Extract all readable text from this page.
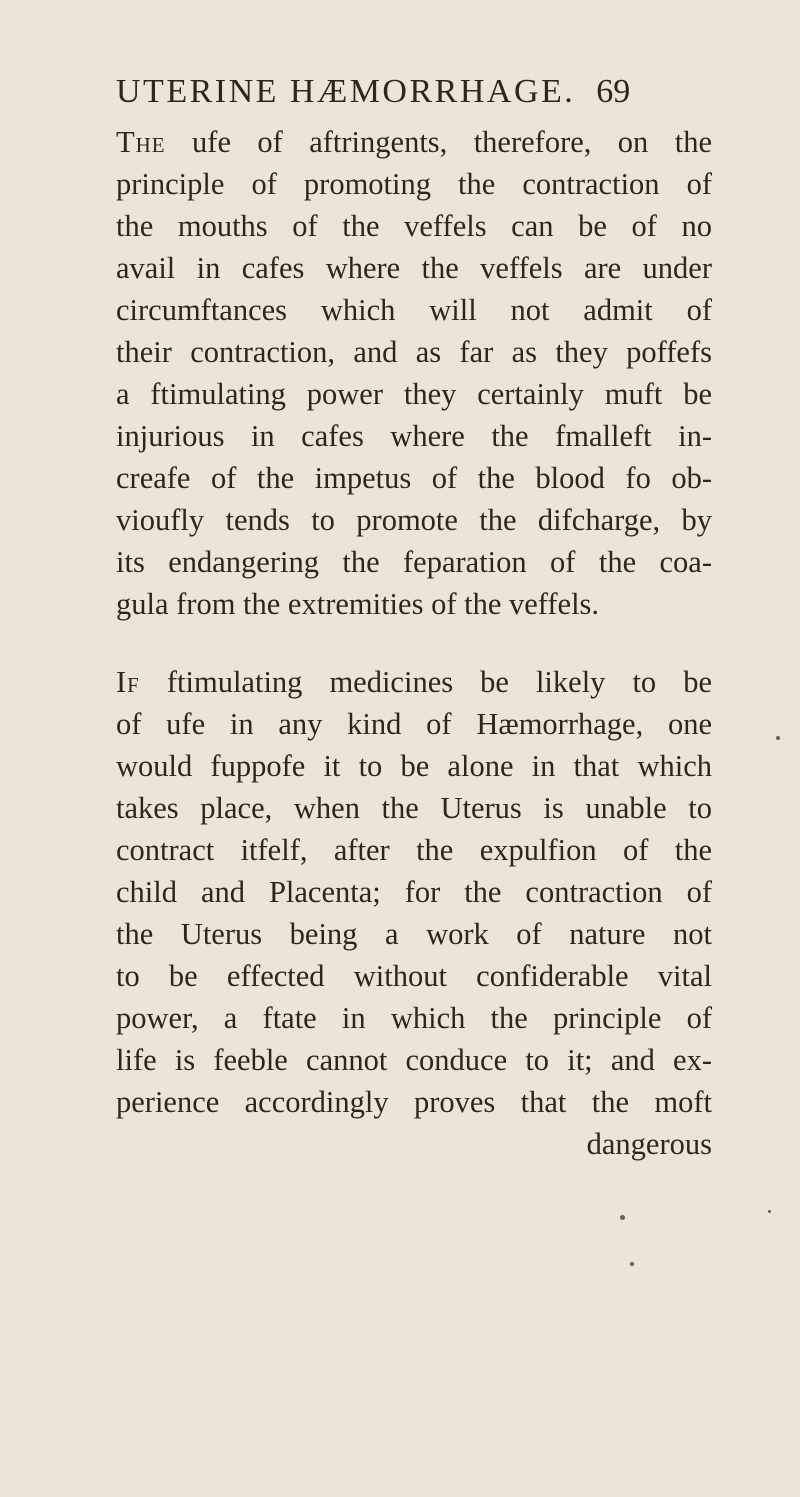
UTERINE HÆMORRHAGE. 69
The ufe of aftringents, therefore, on the
principle of promoting the contraction of
the mouths of the veffels can be of no
avail in cafes where the veffels are under
circumftances which will not admit of
their contraction, and as far as they poffefs
a ftimulating power they certainly muft be
injurious in cafes where the fmalleft in-
creafe of the impetus of the blood fo ob-
vioufly tends to promote the difcharge, by
its endangering the feparation of the coa-
gula from the extremities of the veffels.
If ftimulating medicines be likely to be
of ufe in any kind of Hæmorrhage, one
would fuppofe it to be alone in that which
takes place, when the Uterus is unable to
contract itfelf, after the expulfion of the
child and Placenta; for the contraction of
the Uterus being a work of nature not
to be effected without confiderable vital
power, a ftate in which the principle of
life is feeble cannot conduce to it; and ex-
perience accordingly proves that the moft
dangerous
